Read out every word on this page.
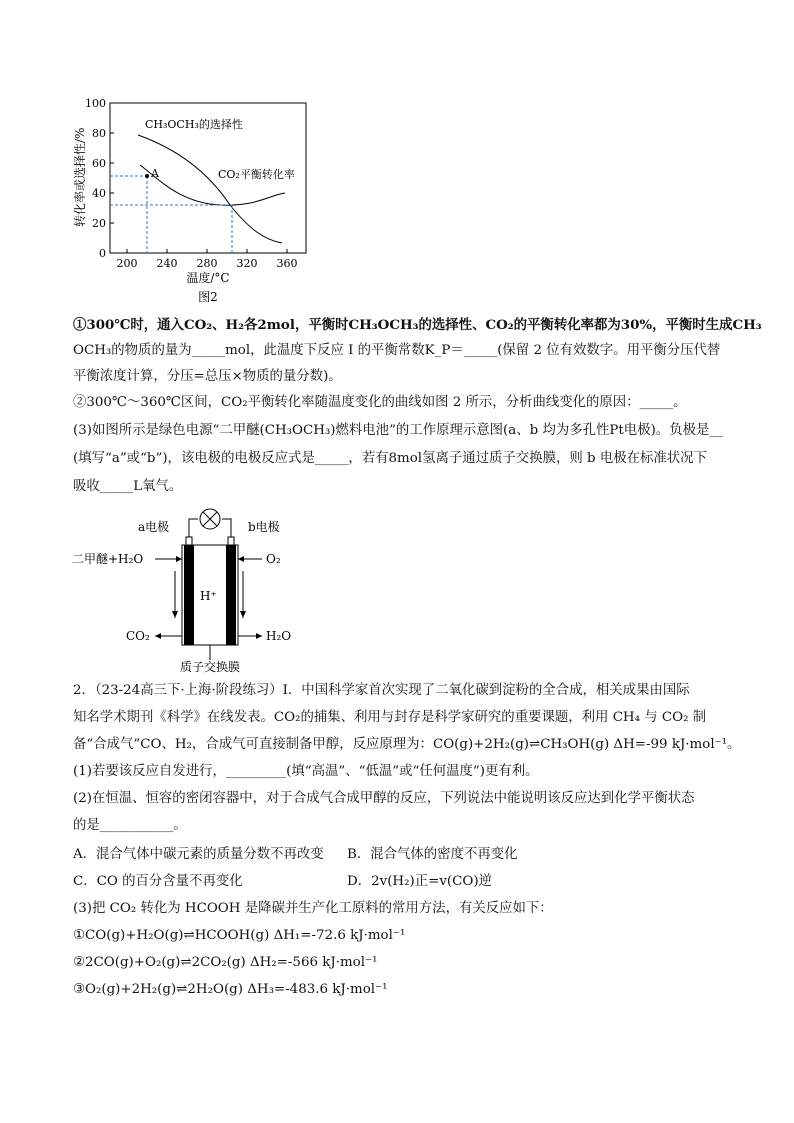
100
80
60
40
20
0
200 240 280 320 360
转化率或选择性/%
温度/°C
图2
A
CH₃OCH₃的选择性
CO₂平衡转化率
①300℃时，通入CO₂、H₂各2mol，平衡时CH₃OCH₃的选择性、CO₂的平衡转化率都为30%，平衡时生成CH₃
OCH₃的物质的量为_____mol，此温度下反应 I 的平衡常数K_P＝_____(保留 2 位有效数字。用平衡分压代替
平衡浓度计算，分压=总压×物质的量分数)。
②300℃～360℃区间，CO₂平衡转化率随温度变化的曲线如图 2 所示，分析曲线变化的原因：_____。
(3)如图所示是绿色电源“二甲醚(CH₃OCH₃)燃料电池”的工作原理示意图(a、b 均为多孔性Pt电极)。负极是__
(填写“a”或“b”)，该电极的电极反应式是_____，若有8mol氢离子通过质子交换膜，则 b 电极在标准状况下
吸收_____L氧气。
a电极	b电极
二甲醚+H₂O	O₂
H⁺
CO₂	H₂O
质子交换膜
2．（23-24高三下·上海·阶段练习）I．中国科学家首次实现了二氧化碳到淀粉的全合成，相关成果由国际
知名学术期刊《科学》在线发表。CO₂的捕集、利用与封存是科学家研究的重要课题，利用 CH₄ 与 CO₂ 制
备“合成气”CO、H₂，合成气可直接制备甲醇，反应原理为：CO(g)+2H₂(g)⇌CH₃OH(g) ΔH=-99 kJ·mol⁻¹。
(1)若要该反应自发进行，_________(填“高温”、“低温”或“任何温度”)更有利。
(2)在恒温、恒容的密闭容器中，对于合成气合成甲醇的反应，下列说法中能说明该反应达到化学平衡状态
的是___________。
A．混合气体中碳元素的质量分数不再改变 B．混合气体的密度不再变化
C．CO 的百分含量不再变化	D．2v(H₂)正=v(CO)逆
(3)把 CO₂ 转化为 HCOOH 是降碳并生产化工原料的常用方法，有关反应如下：
①CO(g)+H₂O(g)⇌HCOOH(g) ΔH₁=-72.6 kJ·mol⁻¹
②2CO(g)+O₂(g)⇌2CO₂(g) ΔH₂=-566 kJ·mol⁻¹
③O₂(g)+2H₂(g)⇌2H₂O(g) ΔH₃=-483.6 kJ·mol⁻¹
